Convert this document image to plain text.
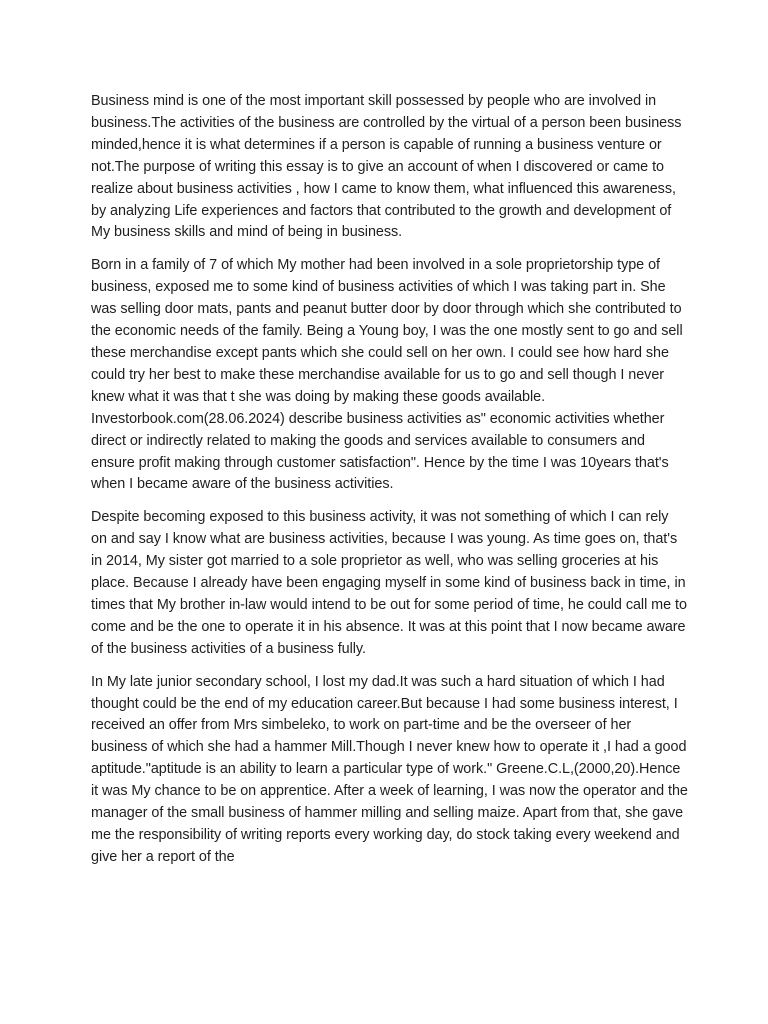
Business mind is one of the most important skill possessed by people who are involved in business.The activities of the business are controlled by the virtual of a person been business minded,hence it is what determines if a person is capable of running a business venture or not.The purpose of writing this essay is to give an account of when I discovered or came to realize about business activities , how I came to know them, what influenced this awareness, by analyzing Life experiences and factors that contributed to the growth and development of My business skills and mind of being in business.

Born in a family of 7 of which My mother had been involved in a sole proprietorship type of business, exposed me to some kind of business activities of which I was taking part in. She was selling door mats, pants and peanut butter door by door through which she contributed to the economic needs of the family. Being a Young boy, I was the one mostly sent to go and sell these merchandise except pants which she could sell on her own. I could see how hard she could try her best to make these merchandise available for us to go and sell though I never knew what it was that t she was doing by making these goods available. Investorbook.com(28.06.2024) describe business activities as" economic activities whether direct or indirectly related to making the goods and services available to consumers and ensure profit making through customer satisfaction". Hence by the time I was 10years that's when I became aware of the business activities.

Despite becoming exposed to this business activity, it was not something of which I can rely on and say I know what are business activities, because I was young. As time goes on, that's in 2014, My sister got married to a sole proprietor as well, who was selling groceries at his place. Because I already have been engaging myself in some kind of business back in time, in times that My brother in-law would intend to be out for some period of time, he could call me to come and be the one to operate it in his absence. It was at this point that I now became aware of the business activities of a business fully.

In My late junior secondary school, I lost my dad.It was such a hard situation of which I had thought could be the end of my education career.But because I had some business interest, I received an offer from Mrs simbeleko, to work on part-time and be the overseer of her business of which she had a hammer Mill.Though I never knew how to operate it ,I had a good aptitude."aptitude is an ability to learn a particular type of work." Greene.C.L,(2000,20).Hence it was My chance to be on apprentice. After a week of learning, I was now the operator and the manager of the small business of hammer milling and selling maize. Apart from that, she gave me the responsibility of writing reports every working day, do stock taking every weekend and give her a report of the
